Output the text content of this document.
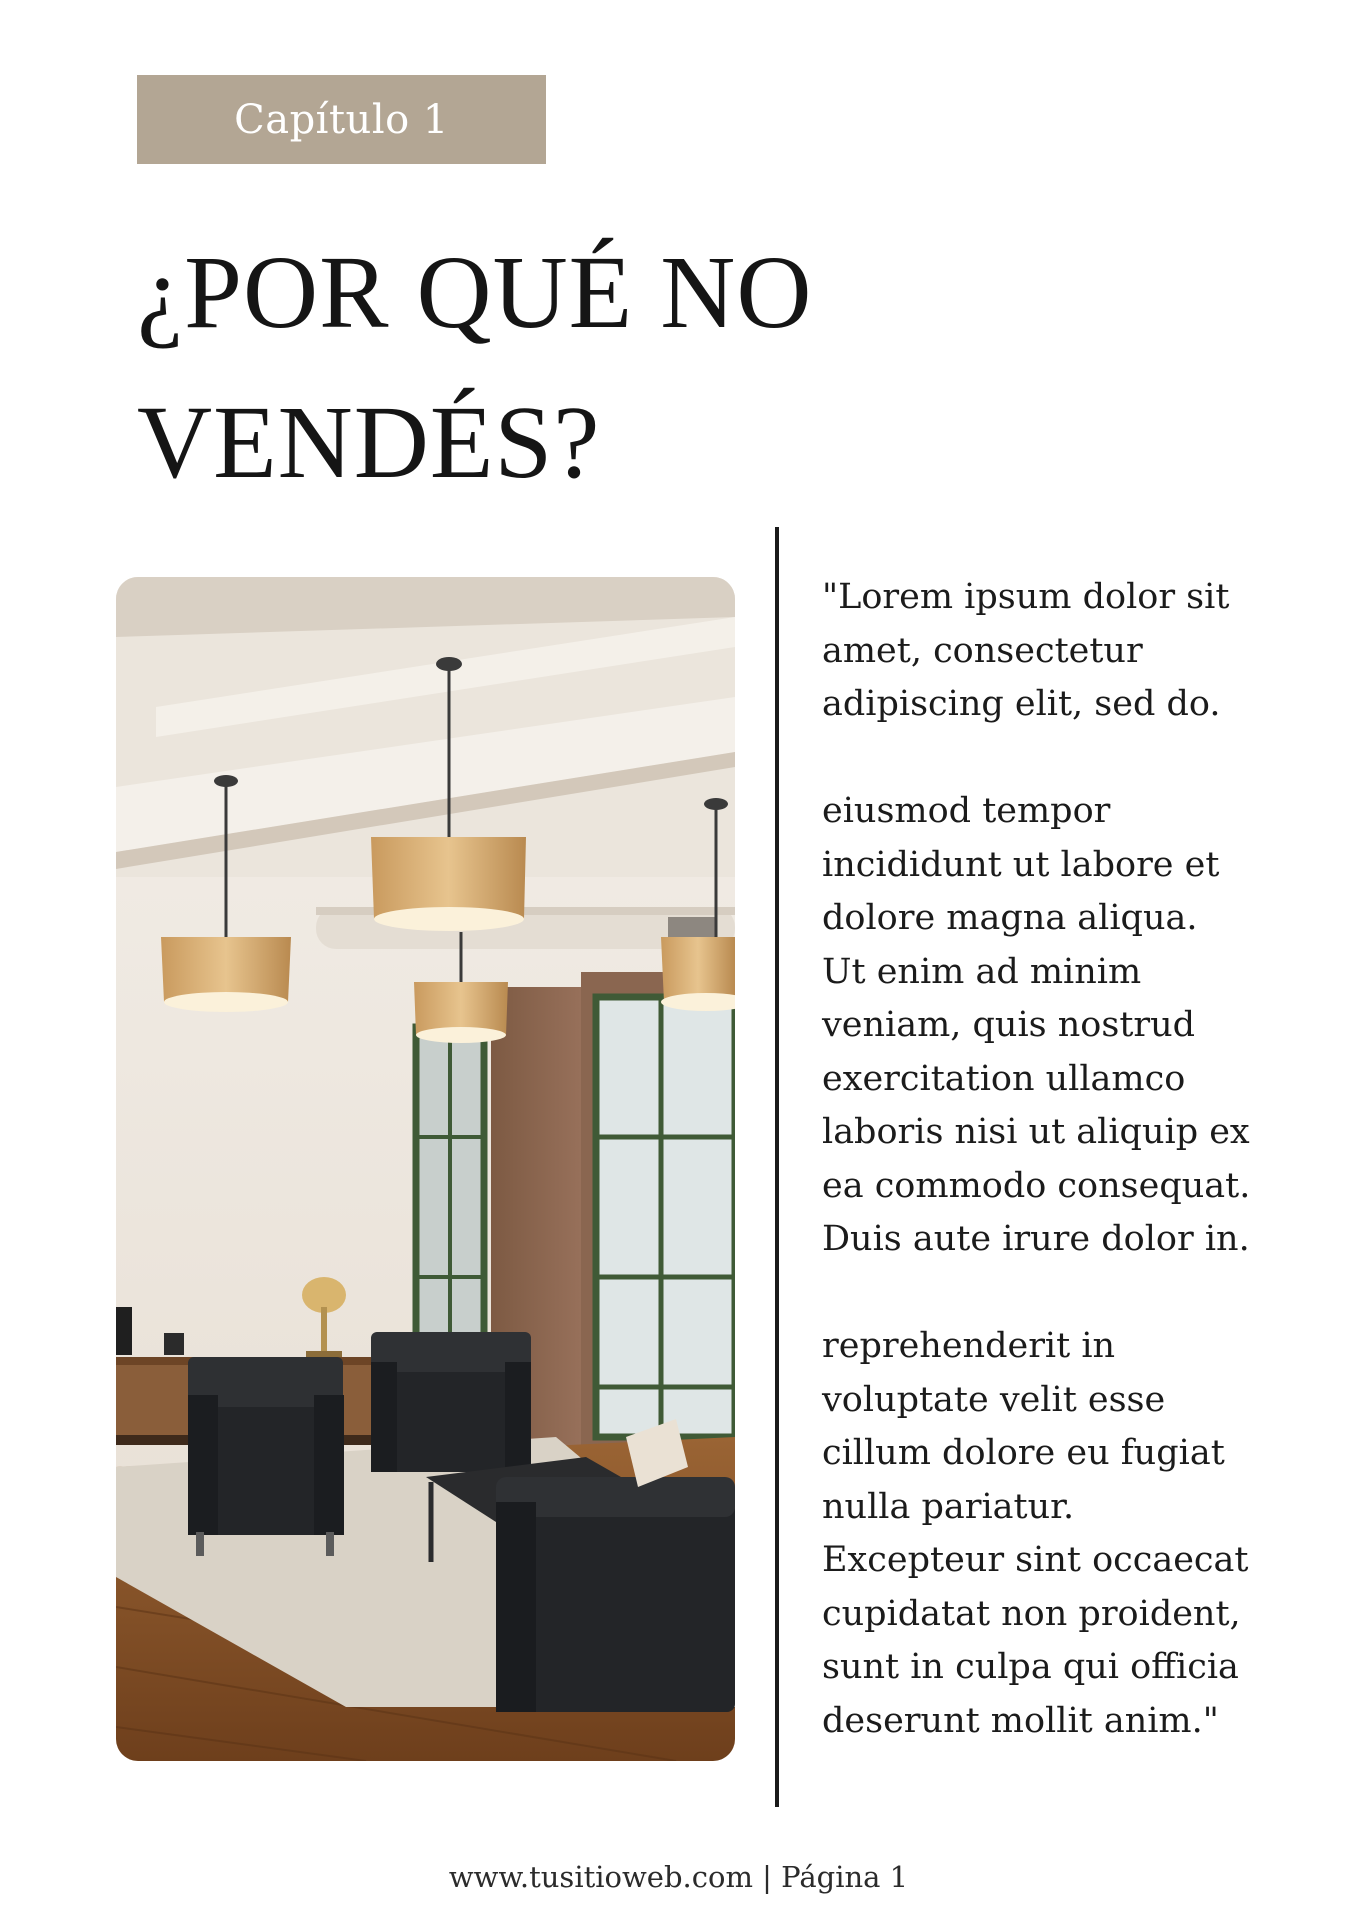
Capítulo 1
¿POR QUÉ NO
VENDÉS?

"Lorem ipsum dolor sit amet, consectetur adipiscing elit, sed do.

eiusmod tempor incididunt ut labore et dolore magna aliqua. Ut enim ad minim veniam, quis nostrud exercitation ullamco laboris nisi ut aliquip ex ea commodo consequat. Duis aute irure dolor in.

reprehenderit in voluptate velit esse cillum dolore eu fugiat nulla pariatur. Excepteur sint occaecat cupidatat non proident, sunt in culpa qui officia deserunt mollit anim."

www.tusitioweb.com | Página 1
